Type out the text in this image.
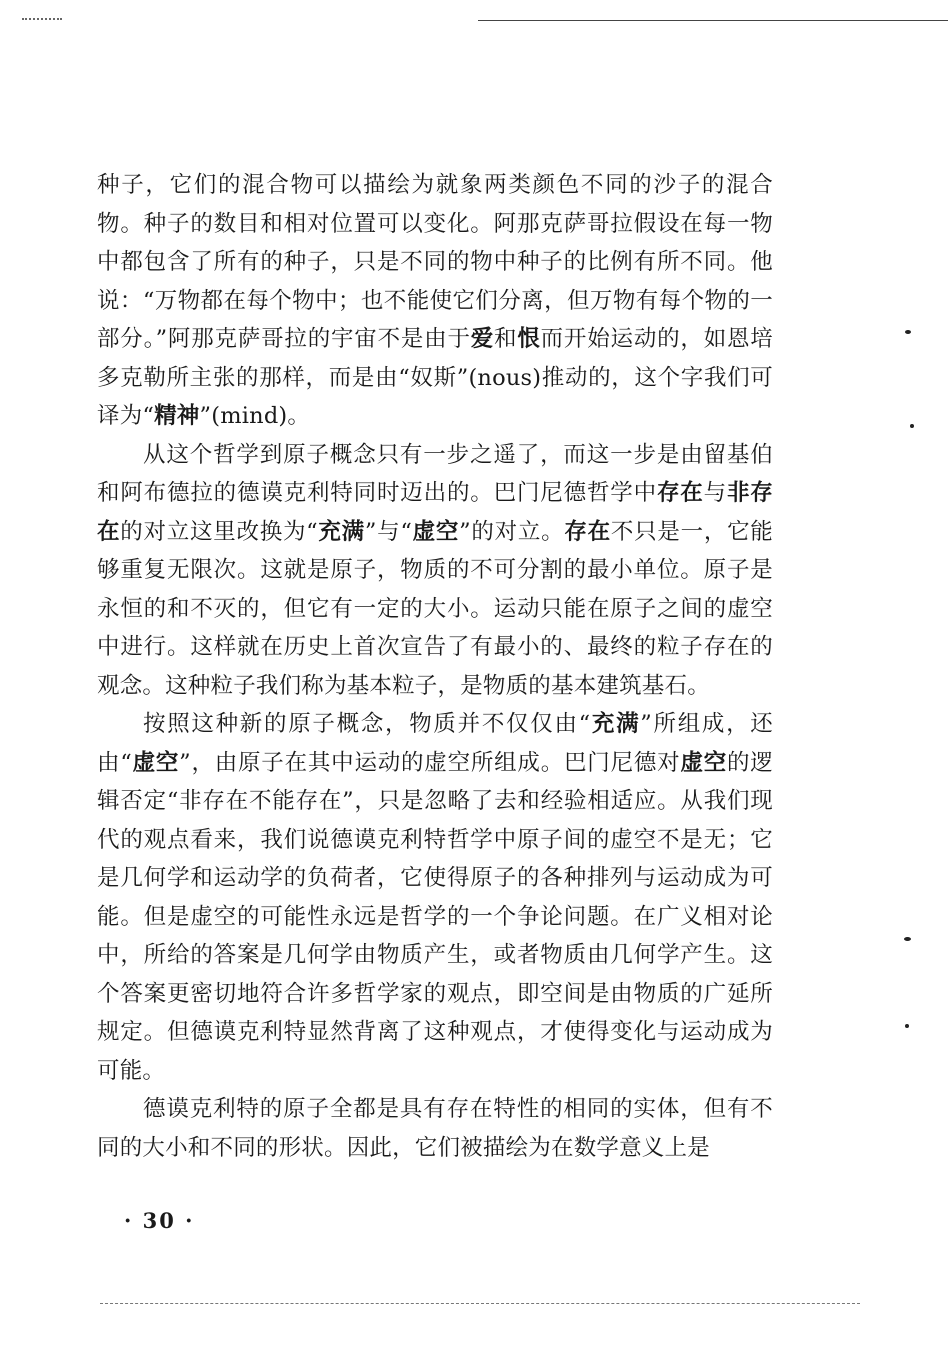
种子，它们的混合物可以描绘为就象两类颜色不同的沙子的混合物。种子的数目和相对位置可以变化。阿那克萨哥拉假设在每一物中都包含了所有的种子，只是不同的物中种子的比例有所不同。他说：“万物都在每个物中；也不能使它们分离，但万物有每个物的一部分。”阿那克萨哥拉的宇宙不是由于爱和恨而开始运动的，如恩培多克勒所主张的那样，而是由“奴斯”(nous)推动的，这个字我们可译为“精神”(mind)。

从这个哲学到原子概念只有一步之遥了，而这一步是由留基伯和阿布德拉的德谟克利特同时迈出的。巴门尼德哲学中存在与非存在的对立这里改换为“充满”与“虚空”的对立。存在不只是一，它能够重复无限次。这就是原子，物质的不可分割的最小单位。原子是永恒的和不灭的，但它有一定的大小。运动只能在原子之间的虚空中进行。这样就在历史上首次宣告了有最小的、最终的粒子存在的观念。这种粒子我们称为基本粒子，是物质的基本建筑基石。

按照这种新的原子概念，物质并不仅仅由“充满”所组成，还由“虚空”，由原子在其中运动的虚空所组成。巴门尼德对虚空的逻辑否定“非存在不能存在”，只是忽略了去和经验相适应。从我们现代的观点看来，我们说德谟克利特哲学中原子间的虚空不是无；它是几何学和运动学的负荷者，它使得原子的各种排列与运动成为可能。但是虚空的可能性永远是哲学的一个争论问题。在广义相对论中，所给的答案是几何学由物质产生，或者物质由几何学产生。这个答案更密切地符合许多哲学家的观点，即空间是由物质的广延所规定。但德谟克利特显然背离了这种观点，才使得变化与运动成为可能。

德谟克利特的原子全都是具有存在特性的相同的实体，但有不同的大小和不同的形状。因此，它们被描绘为在数学意义上是

· 30 ·
